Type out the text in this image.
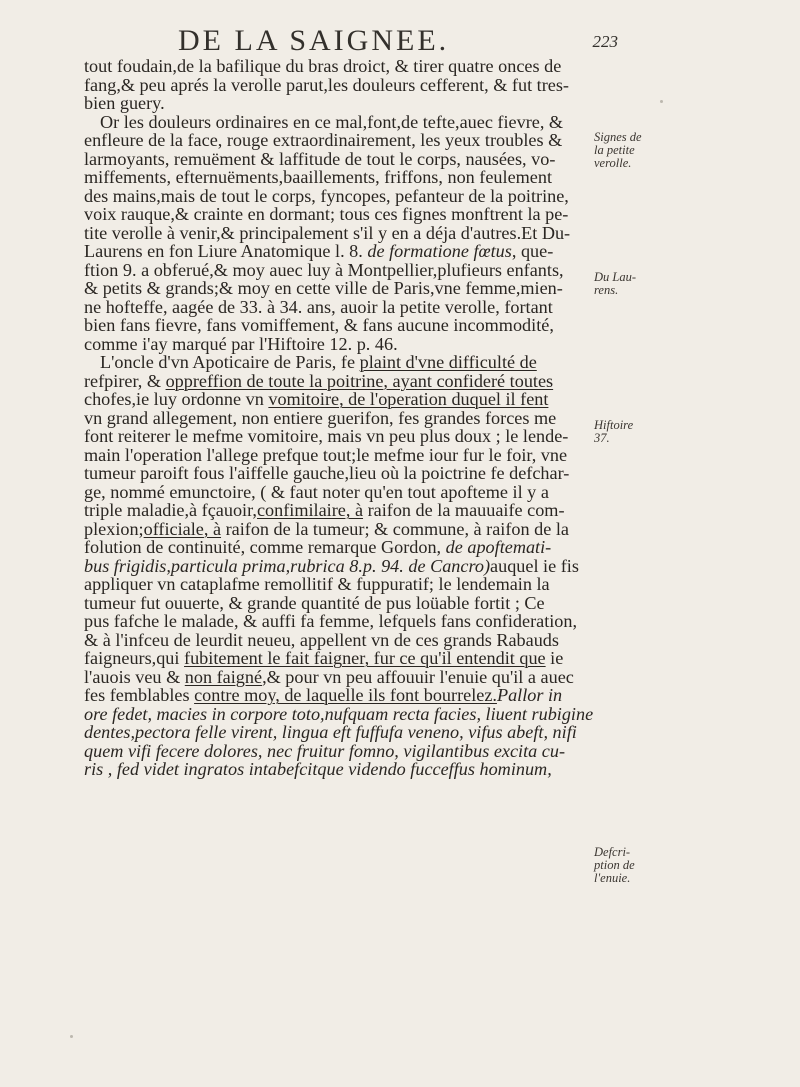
DE LA SAIGNEE.	223
tout foudain,de la bafilique du bras droict, & tirer quatre onces de
fang,& peu aprés la verolle parut,les douleurs cefferent, & fut tres-
bien guery.
Or les douleurs ordinaires en ce mal,font,de tefte,auec fievre, &
enfleure de la face, rouge extraordinairement, les yeux troubles &
larmoyants, remuëment & laffitude de tout le corps, nausées, vo-
miffements, efternuëments,baaillements, friffons, non feulement
des mains,mais de tout le corps, fyncopes, pefanteur de la poitrine,
voix rauque,& crainte en dormant; tous ces fignes monftrent la pe-
tite verolle à venir,& principalement s'il y en a déja d'autres.Et Du-
Laurens en fon Liure Anatomique l. 8. de formatione fœtus, que-
ftion 9. a obferué,& moy auec luy à Montpellier,plufieurs enfants,
& petits & grands;& moy en cette ville de Paris,vne femme,mien-
ne hofteffe, aagée de 33. à 34. ans, auoir la petite verolle, fortant
bien fans fievre, fans vomiffement, & fans aucune incommodité,
comme i'ay marqué par l'Hiftoire 12. p. 46.
L'oncle d'vn Apoticaire de Paris, fe plaint d'vne difficulté de
refpirer, & oppreffion de toute la poitrine, ayant confideré toutes
chofes,ie luy ordonne vn vomitoire, de l'operation duquel il fent
vn grand allegement, non entiere guerifon, fes grandes forces me
font reiterer le mefme vomitoire, mais vn peu plus doux ; le lende-
main l'operation l'allege prefque tout;le mefme iour fur le foir, vne
tumeur paroift fous l'aiffelle gauche,lieu où la poictrine fe defchar-
ge, nommé emunctoire, ( & faut noter qu'en tout apofteme il y a
triple maladie,à fçauoir,confimilaire, à raifon de la mauuaife com-
plexion;officiale, à raifon de la tumeur; & commune, à raifon de la
folution de continuité, comme remarque Gordon, de apoftemati-
bus frigidis,particula prima,rubrica 8.p. 94. de Cancro)auquel ie fis
appliquer vn cataplafme remollitif & fuppuratif; le lendemain la
tumeur fut ouuerte, & grande quantité de pus loüable fortit ; Ce
pus fafche le malade, & auffi fa femme, lefquels fans confideration,
& à l'infceu de leurdit neueu, appellent vn de ces grands Rabauds
faigneurs,qui fubitement le fait faigner, fur ce qu'il entendit que ie
l'auois veu & non faigné,& pour vn peu affouuir l'enuie qu'il a auec
fes femblables contre moy, de laquelle ils font bourrelez.Pallor in
ore fedet, macies in corpore toto,nufquam recta facies, liuent rubigine
dentes,pectora felle virent, lingua eft fuffufa veneno, vifus abeft, nifi
quem vifi fecere dolores, nec fruitur fomno, vigilantibus excita cu-
ris , fed videt ingratos intabefcitque videndo fucceffus hominum,
Signes de
la petite
verolle.
Du Lau-
rens.
Hiftoire
37.
Defcri-
ption de
l'enuie.
